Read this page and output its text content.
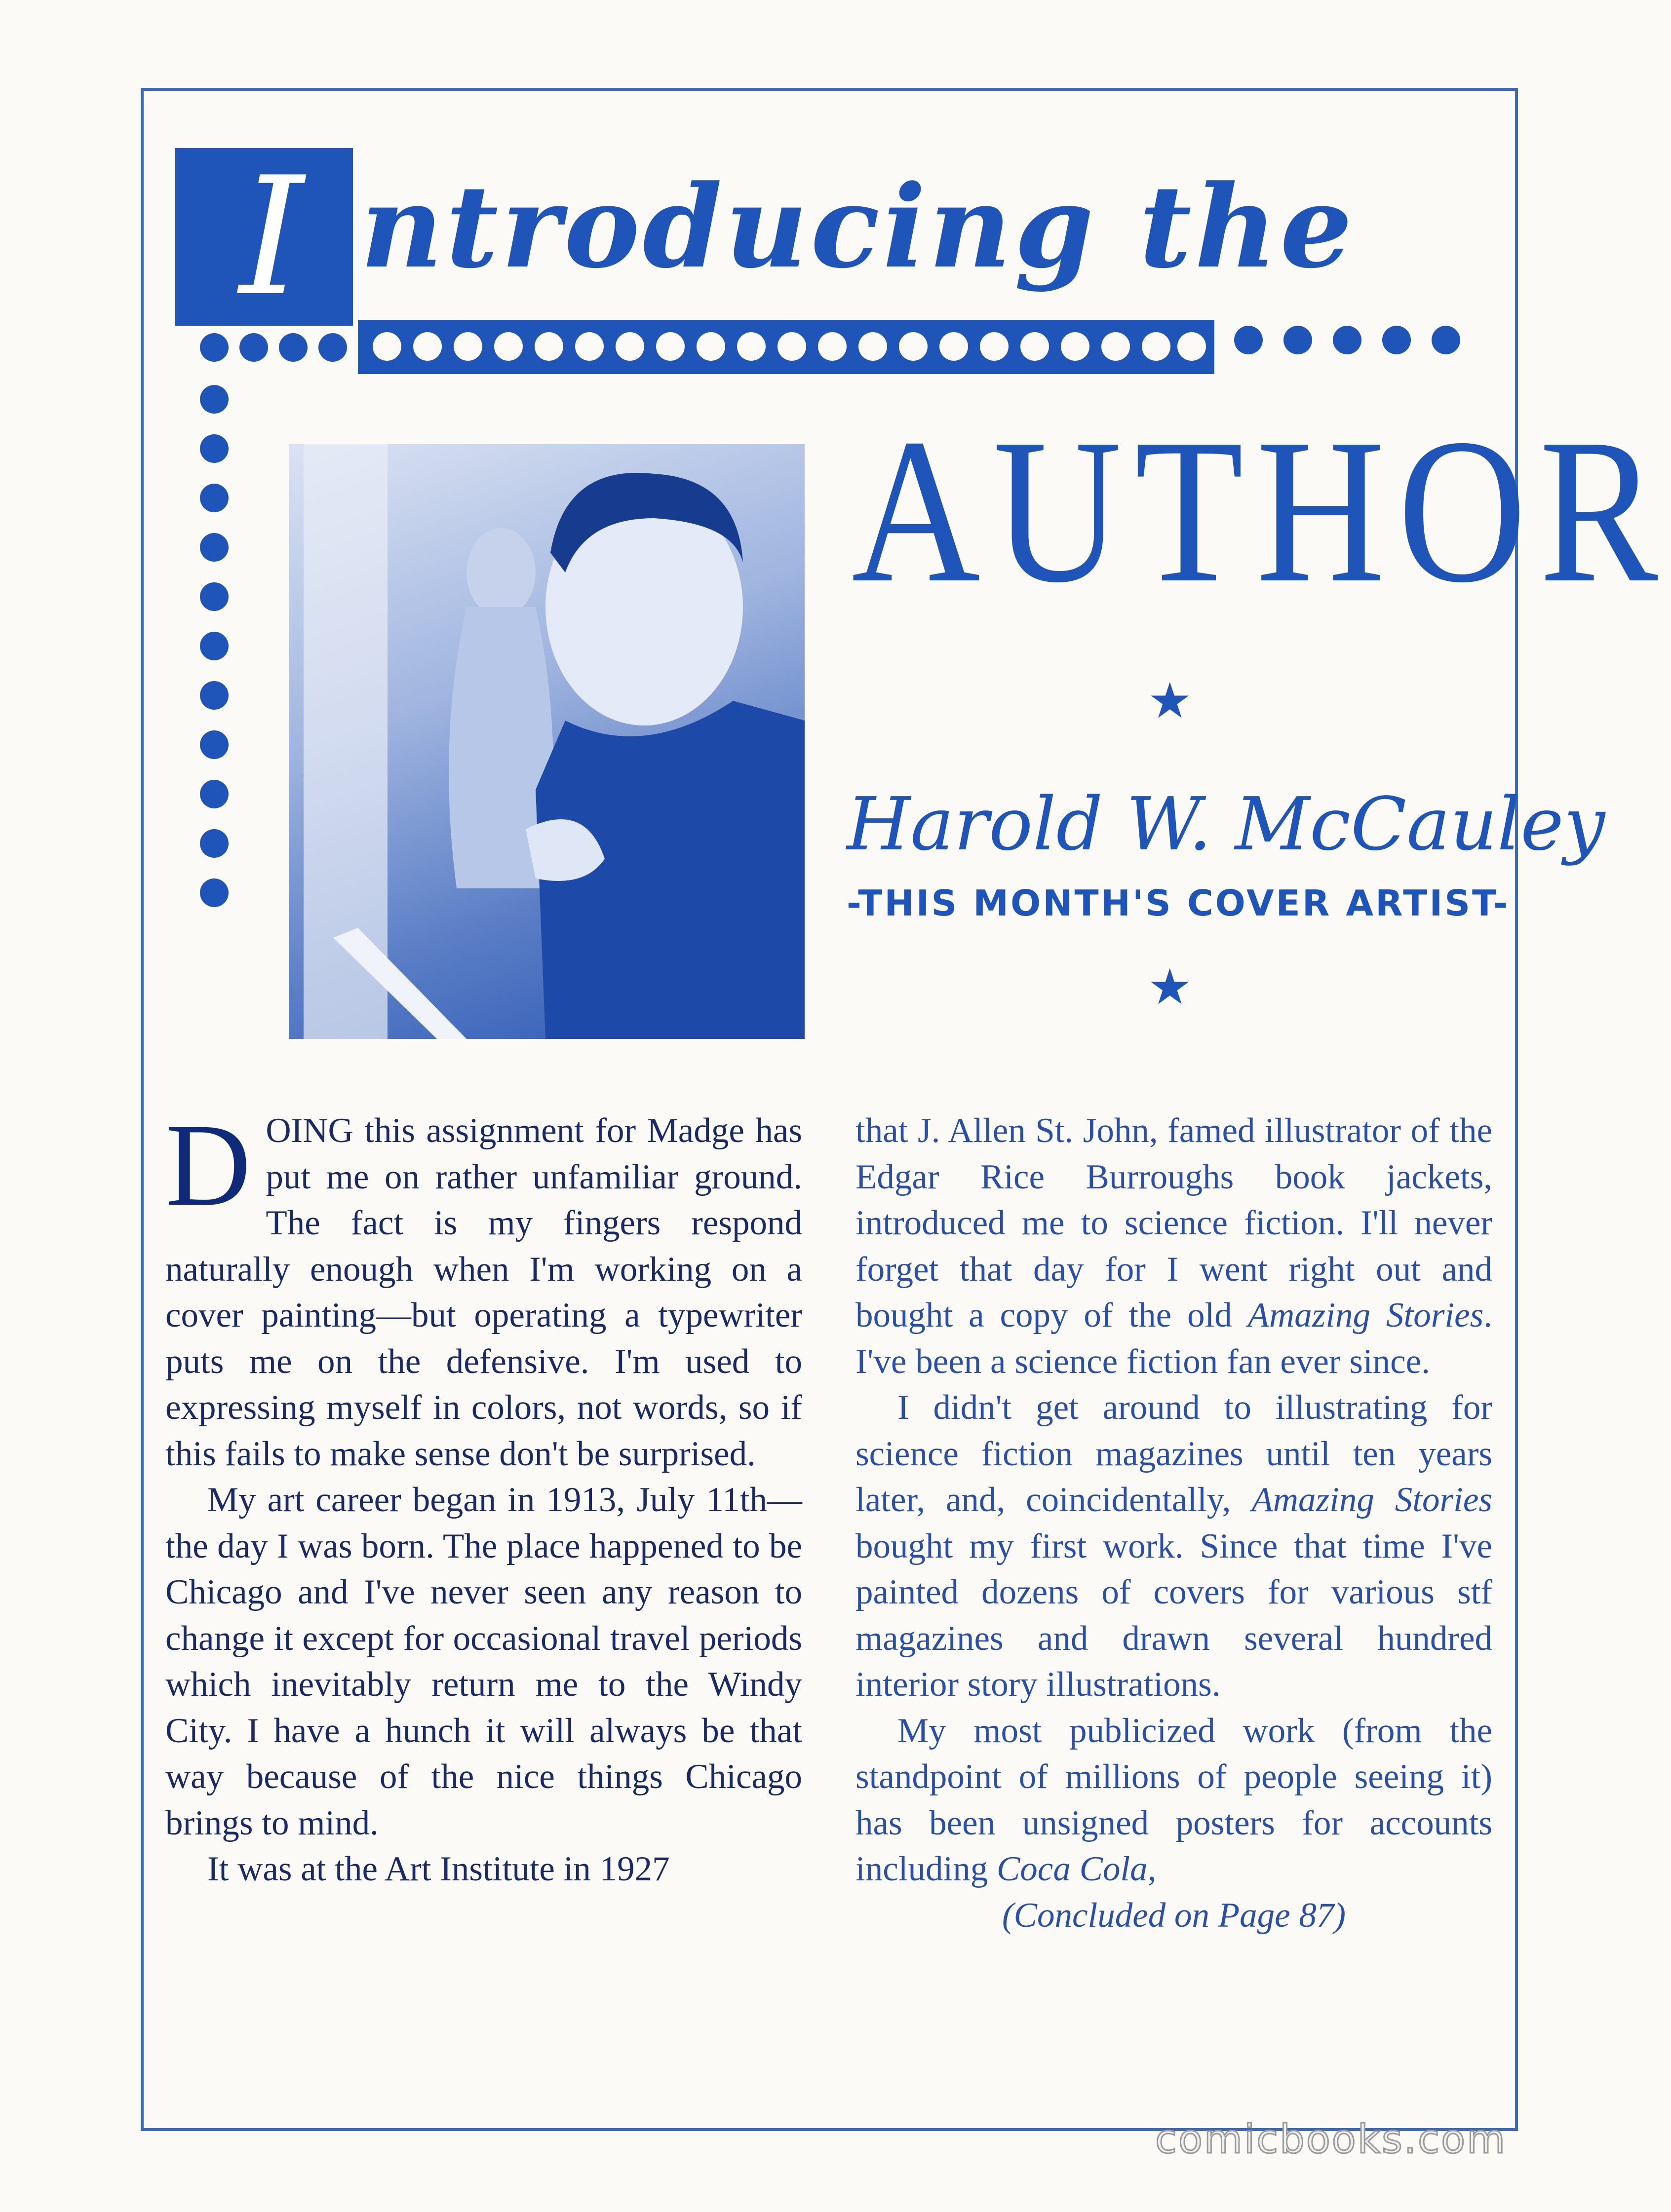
I ntroducing the
AUTHOR
★
Harold W. McCauley
-THIS MONTH'S COVER ARTIST-
★

DOING this assignment for Madge has put me on rather unfamiliar ground. The fact is my fingers respond naturally enough when I'm working on a cover painting—but operating a typewriter puts me on the defensive. I'm used to expressing myself in colors, not words, so if this fails to make sense don't be surprised.

My art career began in 1913, July 11th—the day I was born. The place happened to be Chicago and I've never seen any reason to change it except for occasional travel periods which inevitably return me to the Windy City. I have a hunch it will always be that way because of the nice things Chicago brings to mind.

It was at the Art Institute in 1927

that J. Allen St. John, famed illustrator of the Edgar Rice Burroughs book jackets, introduced me to science fiction. I'll never forget that day for I went right out and bought a copy of the old Amazing Stories. I've been a science fiction fan ever since.

I didn't get around to illustrating for science fiction magazines until ten years later, and, coincidentally, Amazing Stories bought my first work. Since that time I've painted dozens of covers for various stf magazines and drawn several hundred interior story illustrations.

My most publicized work (from the standpoint of millions of people seeing it) has been unsigned posters for accounts including Coca Cola,

(Concluded on Page 87)
comicbooks.com
